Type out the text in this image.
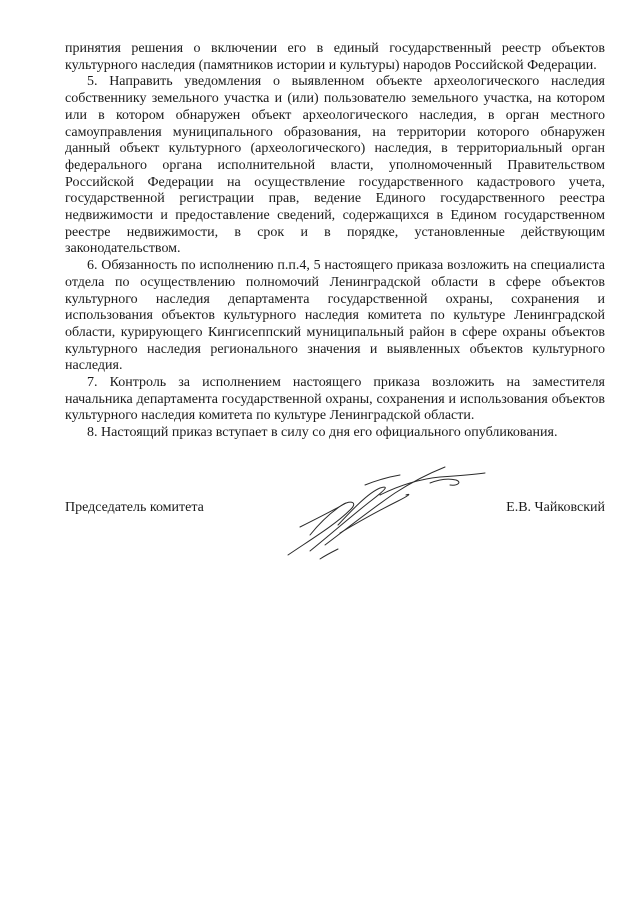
принятия решения о включении его в единый государственный реестр объектов культурного наследия (памятников истории и культуры) народов Российской Федерации.

5. Направить уведомления о выявленном объекте археологического наследия собственнику земельного участка и (или) пользователю земельного участка, на котором или в котором обнаружен объект археологического наследия, в орган местного самоуправления муниципального образования, на территории которого обнаружен данный объект культурного (археологического) наследия, в территориальный орган федерального органа исполнительной власти, уполномоченный Правительством Российской Федерации на осуществление государственного кадастрового учета, государственной регистрации прав, ведение Единого государственного реестра недвижимости и предоставление сведений, содержащихся в Едином государственном реестре недвижимости, в срок и в порядке, установленные действующим законодательством.

6. Обязанность по исполнению п.п.4, 5 настоящего приказа возложить на специалиста отдела по осуществлению полномочий Ленинградской области в сфере объектов культурного наследия департамента государственной охраны, сохранения и использования объектов культурного наследия комитета по культуре Ленинградской области, курирующего Кингисеппский муниципальный район в сфере охраны объектов культурного наследия регионального значения и выявленных объектов культурного наследия.

7. Контроль за исполнением настоящего приказа возложить на заместителя начальника департамента государственной охраны, сохранения и использования объектов культурного наследия комитета по культуре Ленинградской области.

8. Настоящий приказ вступает в силу со дня его официального опубликования.

Председатель комитета	Е.В. Чайковский
